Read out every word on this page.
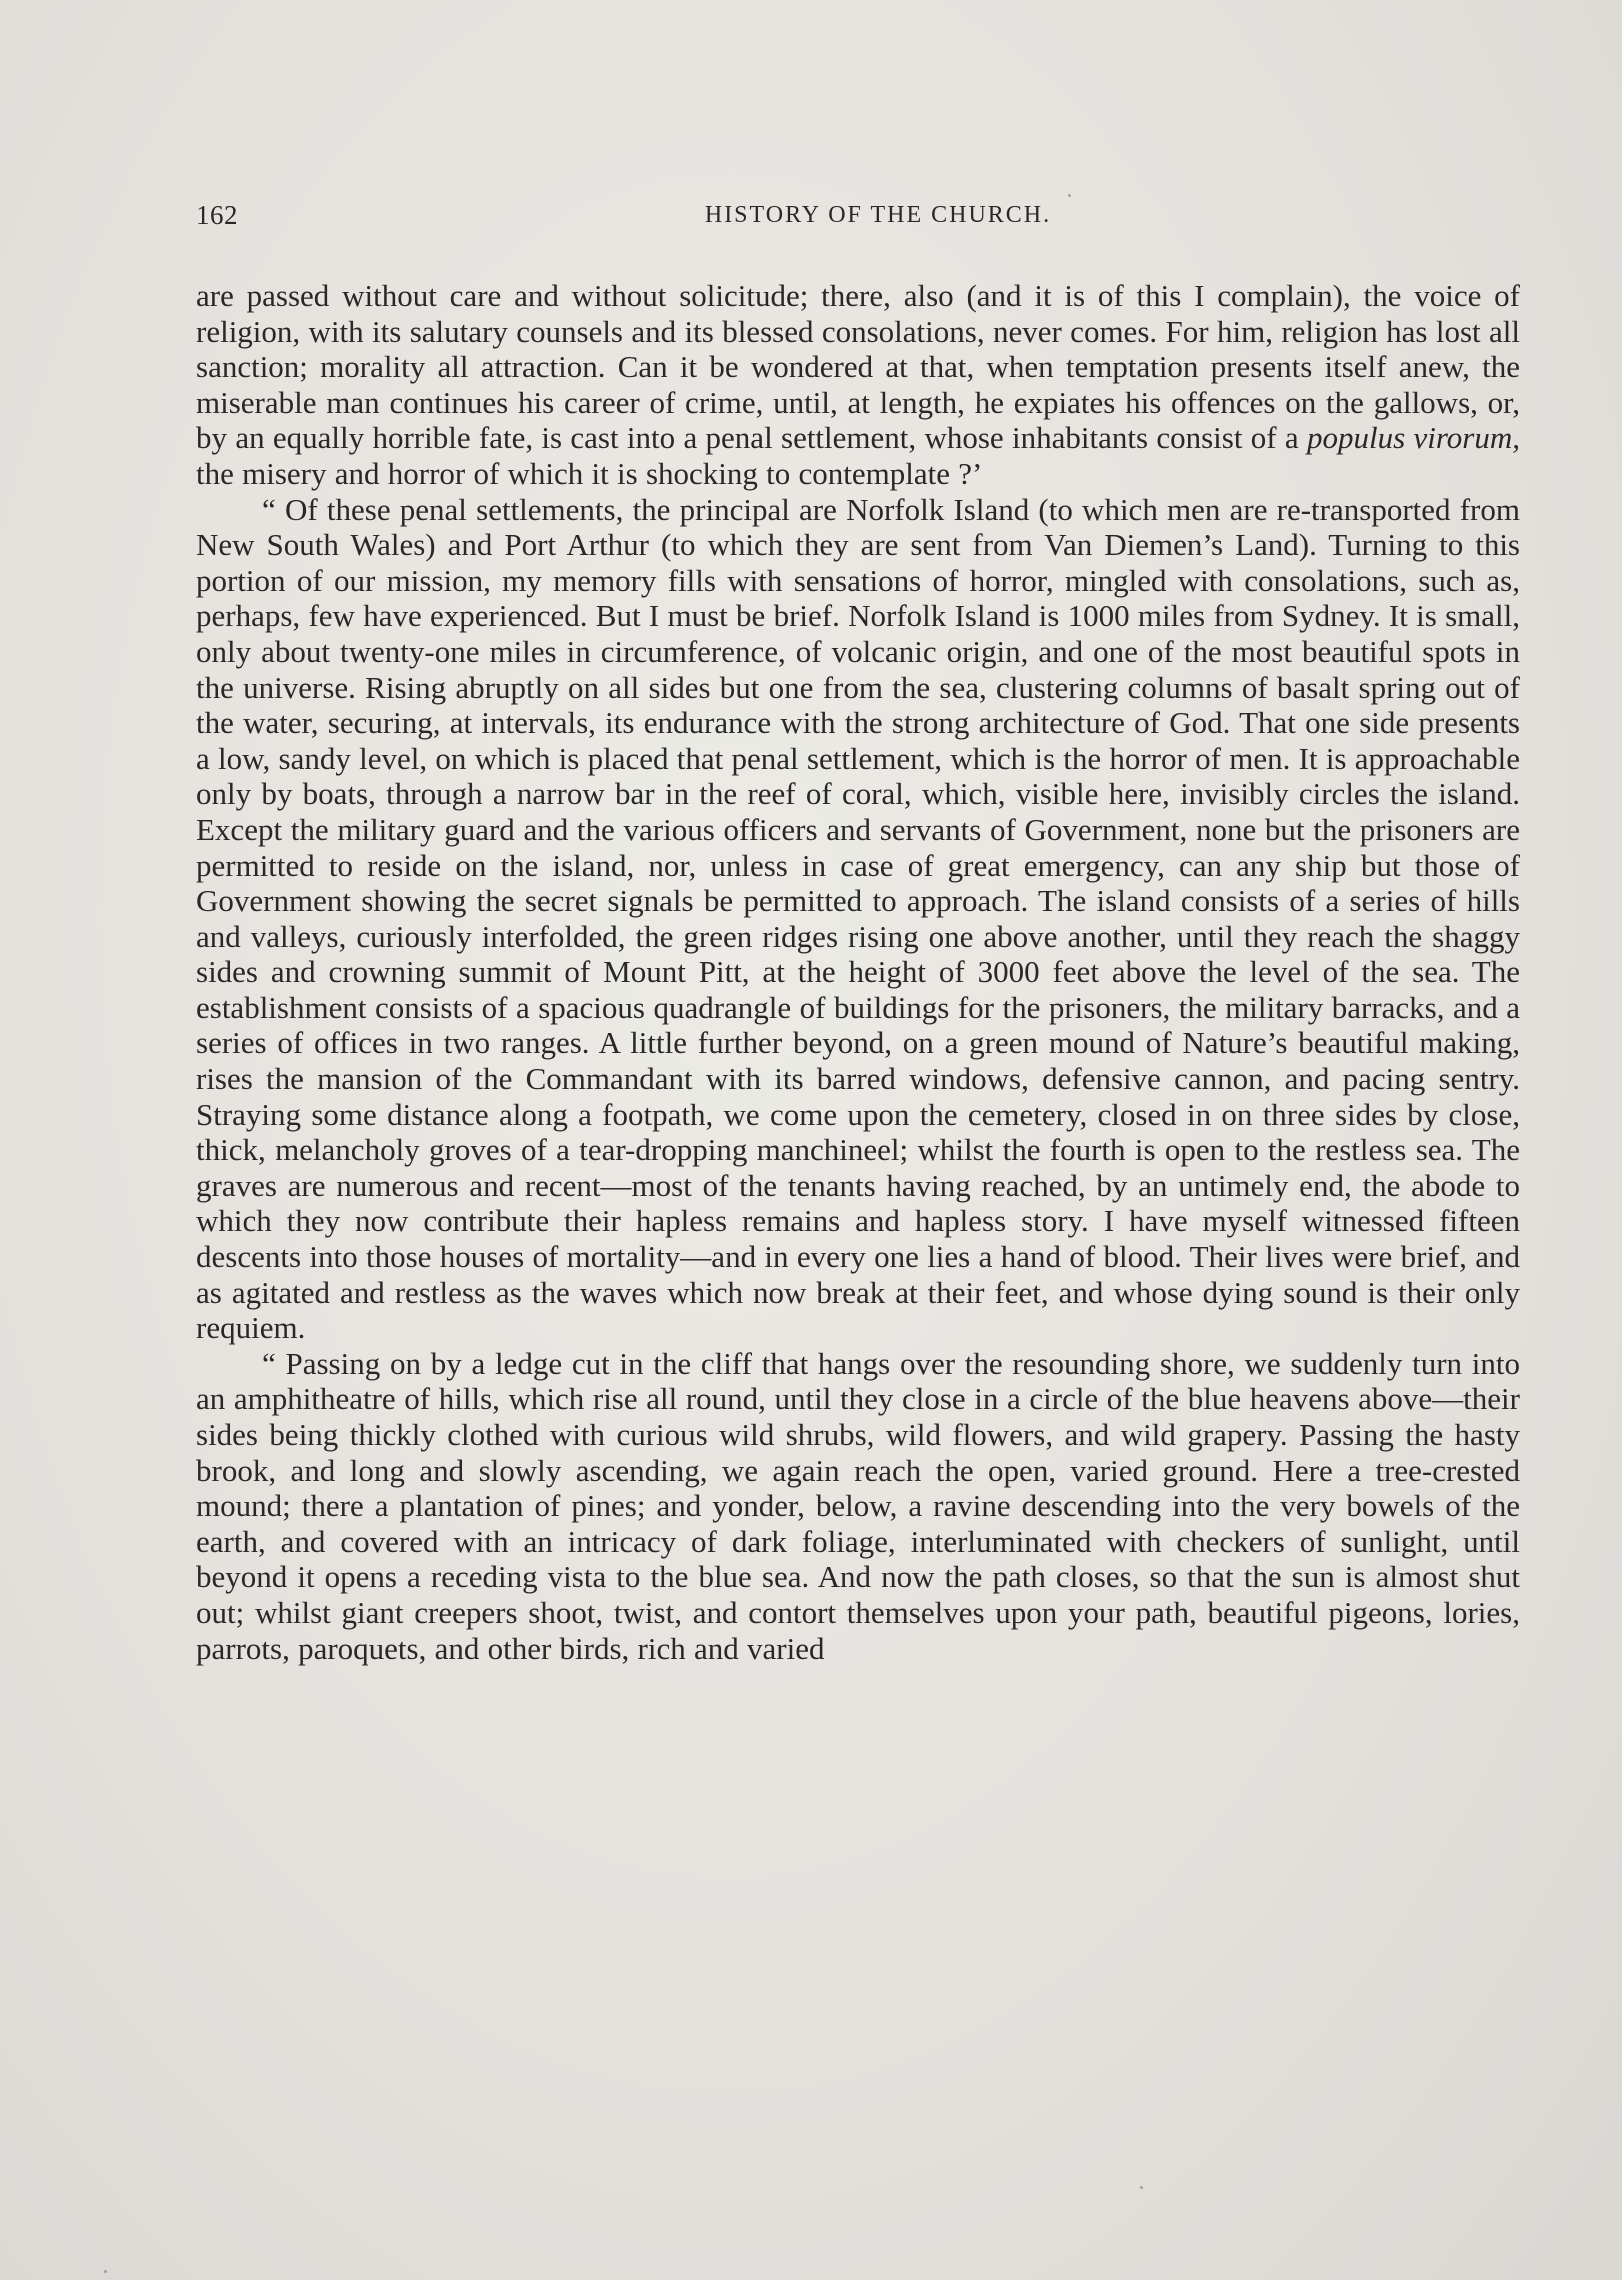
162	HISTORY OF THE CHURCH.

are passed without care and without solicitude; there, also (and it is of this I complain), the voice of religion, with its salutary counsels and its blessed consolations, never comes. For him, religion has lost all sanction; morality all attraction. Can it be wondered at that, when temptation presents itself anew, the miserable man continues his career of crime, until, at length, he expiates his offences on the gallows, or, by an equally horrible fate, is cast into a penal settlement, whose inhabitants consist of a populus virorum, the misery and horror of which it is shocking to contemplate ?’

“ Of these penal settlements, the principal are Norfolk Island (to which men are re-transported from New South Wales) and Port Arthur (to which they are sent from Van Diemen’s Land). Turning to this portion of our mission, my memory fills with sensations of horror, mingled with consolations, such as, perhaps, few have experienced. But I must be brief. Norfolk Island is 1000 miles from Sydney. It is small, only about twenty-one miles in circumference, of volcanic origin, and one of the most beautiful spots in the universe. Rising abruptly on all sides but one from the sea, clustering columns of basalt spring out of the water, securing, at intervals, its endurance with the strong architecture of God. That one side presents a low, sandy level, on which is placed that penal settlement, which is the horror of men. It is approachable only by boats, through a narrow bar in the reef of coral, which, visible here, invisibly circles the island. Except the military guard and the various officers and servants of Government, none but the prisoners are permitted to reside on the island, nor, unless in case of great emergency, can any ship but those of Government showing the secret signals be permitted to approach. The island consists of a series of hills and valleys, curiously interfolded, the green ridges rising one above another, until they reach the shaggy sides and crowning summit of Mount Pitt, at the height of 3000 feet above the level of the sea. The establishment consists of a spacious quadrangle of buildings for the prisoners, the military barracks, and a series of offices in two ranges. A little further beyond, on a green mound of Nature’s beautiful making, rises the mansion of the Commandant with its barred windows, defensive cannon, and pacing sentry. Straying some distance along a footpath, we come upon the cemetery, closed in on three sides by close, thick, melancholy groves of a tear-dropping manchineel; whilst the fourth is open to the restless sea. The graves are numerous and recent—most of the tenants having reached, by an untimely end, the abode to which they now contribute their hapless remains and hapless story. I have myself witnessed fifteen descents into those houses of mortality—and in every one lies a hand of blood. Their lives were brief, and as agitated and restless as the waves which now break at their feet, and whose dying sound is their only requiem.

“ Passing on by a ledge cut in the cliff that hangs over the resounding shore, we suddenly turn into an amphitheatre of hills, which rise all round, until they close in a circle of the blue heavens above—their sides being thickly clothed with curious wild shrubs, wild flowers, and wild grapery. Passing the hasty brook, and long and slowly ascending, we again reach the open, varied ground. Here a tree-crested mound; there a plantation of pines; and yonder, below, a ravine descending into the very bowels of the earth, and covered with an intricacy of dark foliage, interluminated with checkers of sunlight, until beyond it opens a receding vista to the blue sea. And now the path closes, so that the sun is almost shut out; whilst giant creepers shoot, twist, and contort themselves upon your path, beautiful pigeons, lories, parrots, paroquets, and other birds, rich and varied
